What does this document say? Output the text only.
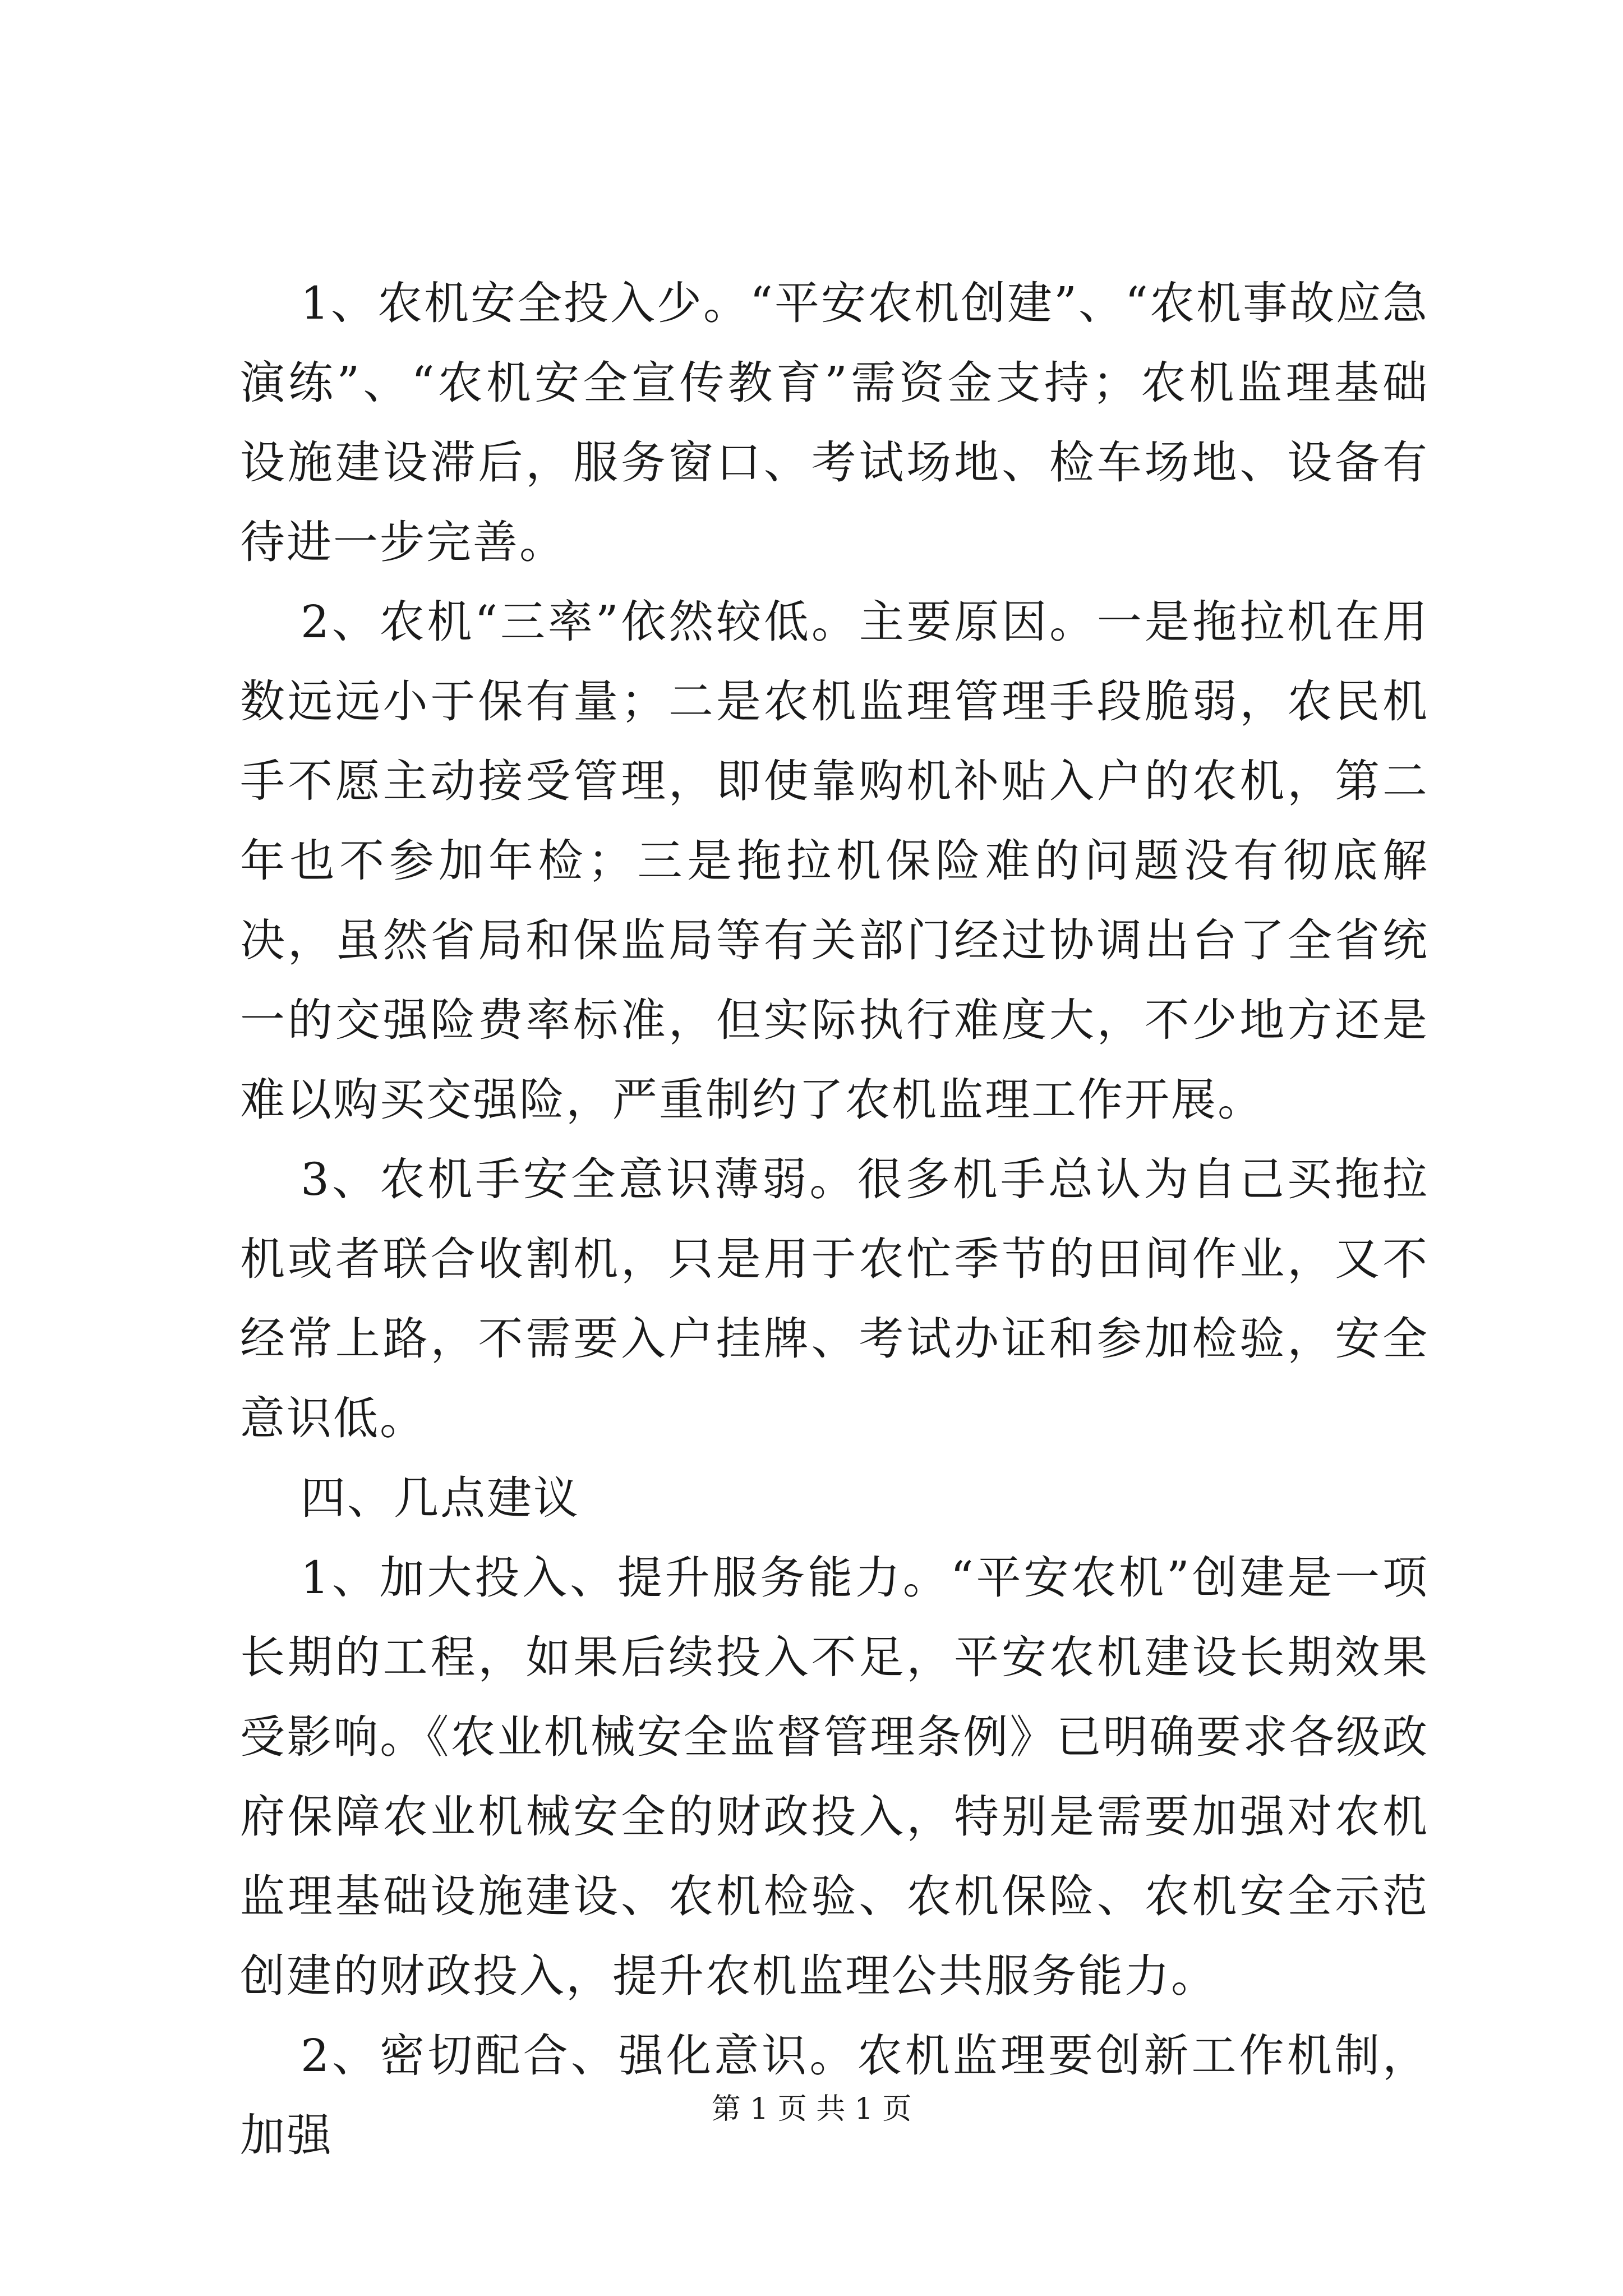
1、农机安全投入少。“平安农机创建”、“农机事故应急演练”、“农机安全宣传教育”需资金支持；农机监理基础设施建设滞后，服务窗口、考试场地、检车场地、设备有待进一步完善。

2、农机“三率”依然较低。主要原因。一是拖拉机在用数远远小于保有量；二是农机监理管理手段脆弱，农民机手不愿主动接受管理，即使靠购机补贴入户的农机，第二年也不参加年检；三是拖拉机保险难的问题没有彻底解决，虽然省局和保监局等有关部门经过协调出台了全省统一的交强险费率标准，但实际执行难度大，不少地方还是难以购买交强险，严重制约了农机监理工作开展。

3、农机手安全意识薄弱。很多机手总认为自己买拖拉机或者联合收割机，只是用于农忙季节的田间作业，又不经常上路，不需要入户挂牌、考试办证和参加检验，安全意识低。

四、几点建议

1、加大投入、提升服务能力。“平安农机”创建是一项长期的工程，如果后续投入不足，平安农机建设长期效果受影响。《农业机械安全监督管理条例》已明确要求各级政府保障农业机械安全的财政投入，特别是需要加强对农机监理基础设施建设、农机检验、农机保险、农机安全示范创建的财政投入，提升农机监理公共服务能力。

2、密切配合、强化意识。农机监理要创新工作机制，加强	第 1 页 共 1 页
